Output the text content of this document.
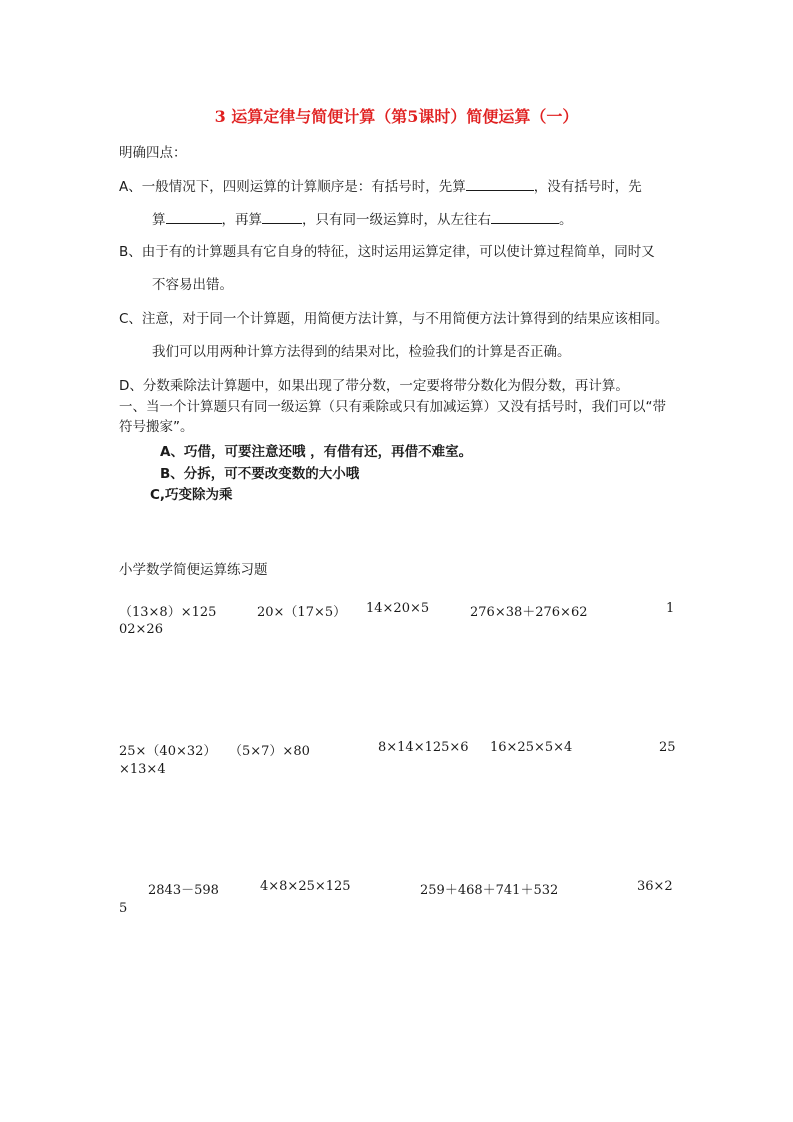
3 运算定律与简便计算（第5课时）简便运算（一）
明确四点：
A、一般情况下，四则运算的计算顺序是：有括号时，先算	，没有括号时，先
算	，再算	，只有同一级运算时，从左往右	。
B、由于有的计算题具有它自身的特征，这时运用运算定律，可以使计算过程简单，同时又
不容易出错。
C、注意，对于同一个计算题，用简便方法计算，与不用简便方法计算得到的结果应该相同。
我们可以用两种计算方法得到的结果对比，检验我们的计算是否正确。
D、分数乘除法计算题中，如果出现了带分数，一定要将带分数化为假分数，再计算。
一、当一个计算题只有同一级运算（只有乘除或只有加减运算）又没有括号时，我们可以“带
符号搬家”。
A、巧借，可要注意还哦 ，有借有还，再借不难室。
B、分拆，可不要改变数的大小哦
C,巧变除为乘
小学数学简便运算练习题
（13×8）×125	20×（17×5） 14×20×5	276×38＋276×62	1
02×26
25×（40×32） （5×7）×80	8×14×125×6 16×25×5×4	25
×13×4
2843－598	4×8×25×125	259＋468＋741＋532	36×2
5
